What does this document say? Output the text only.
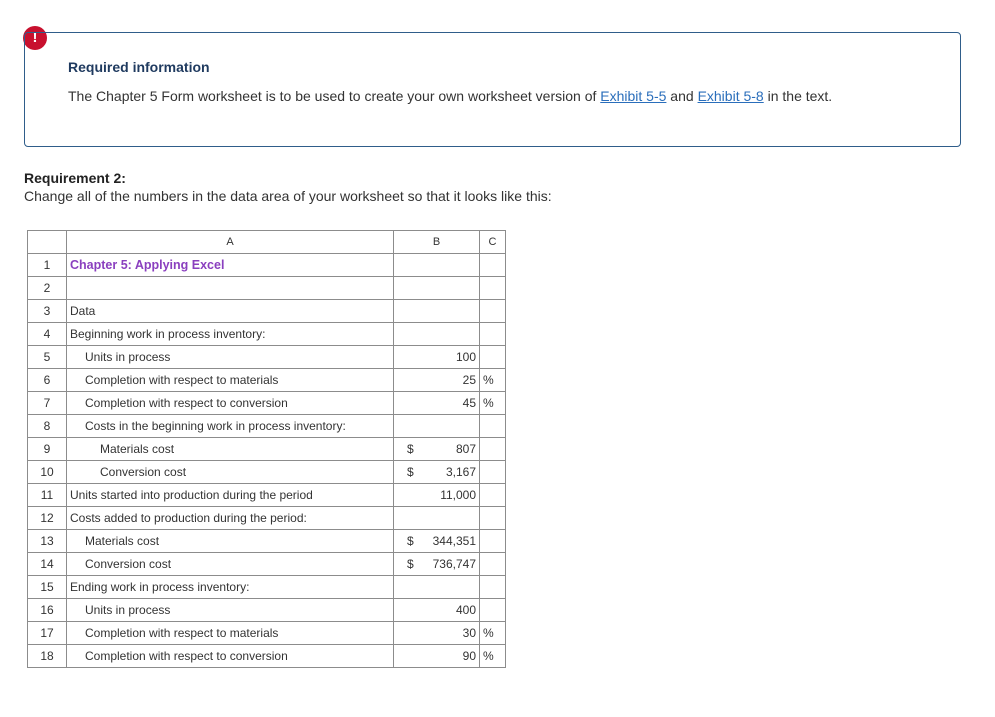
!
Required information
The Chapter 5 Form worksheet is to be used to create your own worksheet version of Exhibit 5-5 and Exhibit 5-8 in the text.
Requirement 2:
Change all of the numbers in the data area of your worksheet so that it looks like this:
	A	B	C
1	Chapter 5: Applying Excel	

2		

3	Data	

4	Beginning work in process inventory:	

5	Units in process	100	
6	Completion with respect to materials	25	%
7	Completion with respect to conversion	45	%
8	Costs in the beginning work in process inventory:	

9	Materials cost	$ 807	
10	Conversion cost	$ 3,167	
11	Units started into production during the period	11,000	
12	Costs added to production during the period:	

13	Materials cost	$ 344,351	
14	Conversion cost	$ 736,747	
15	Ending work in process inventory:	

16	Units in process	400	
17	Completion with respect to materials	30	%
18	Completion with respect to conversion	90	%
